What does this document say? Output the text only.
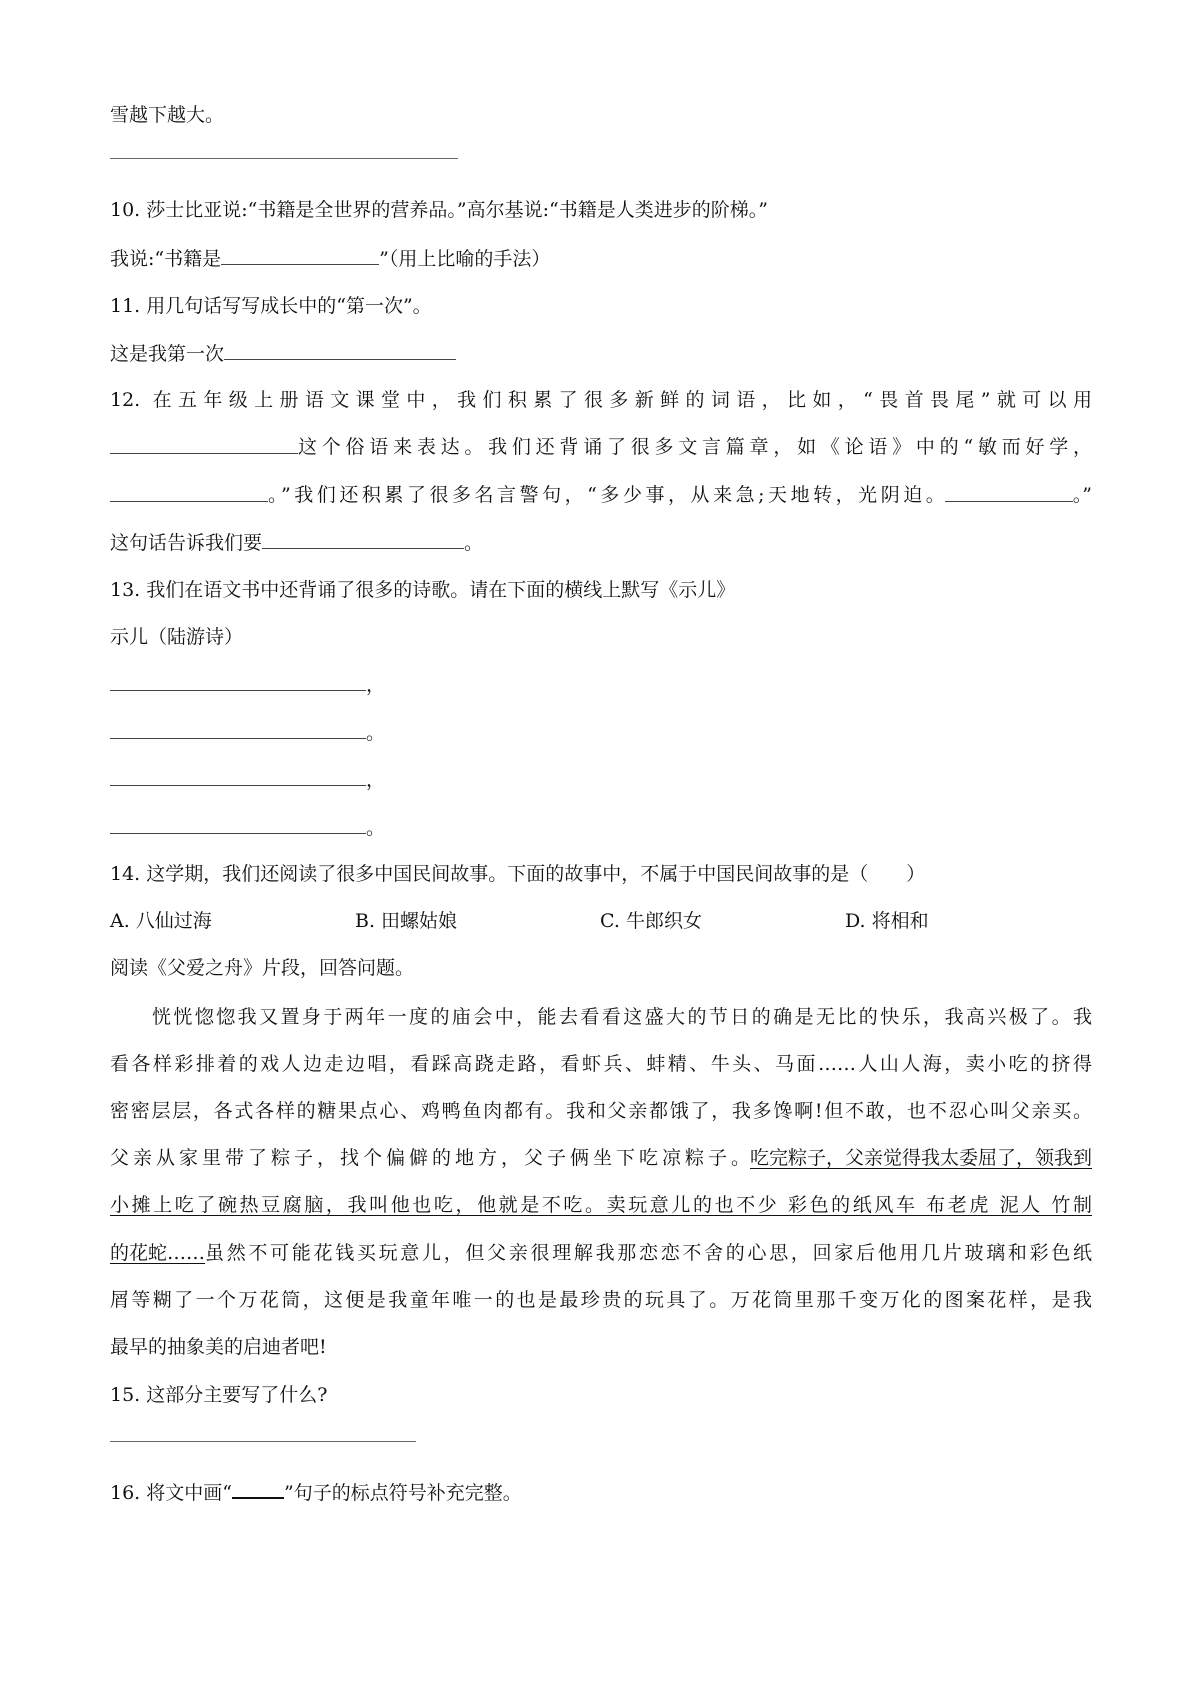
雪越下越大。
10. 莎士比亚说:“书籍是全世界的营养品。”高尔基说:“书籍是人类进步的阶梯。”
我说:“书籍是	”（用上比喻的手法）
11. 用几句话写写成长中的“第一次”。
这是我第一次
12. 在五年级上册语文课堂中，我们积累了很多新鲜的词语，比如，“畏首畏尾”就可以用
这个俗语来表达。我们还背诵了很多文言篇章，如《论语》中的“敏而好学，
。”我们还积累了很多名言警句，“多少事，从来急;天地转，光阴迫。	。”
这句话告诉我们要	。
13. 我们在语文书中还背诵了很多的诗歌。请在下面的横线上默写《示儿》
示儿（陆游诗）
，
。
，
。
14. 这学期，我们还阅读了很多中国民间故事。下面的故事中，不属于中国民间故事的是（　　）
A. 八仙过海	B. 田螺姑娘	C. 牛郎织女	D. 将相和
阅读《父爱之舟》片段，回答问题。
恍恍惚惚我又置身于两年一度的庙会中，能去看看这盛大的节日的确是无比的快乐，我高兴极了。我
看各样彩排着的戏人边走边唱，看踩高跷走路，看虾兵、蚌精、牛头、马面……人山人海，卖小吃的挤得
密密层层，各式各样的糖果点心、鸡鸭鱼肉都有。我和父亲都饿了，我多馋啊!但不敢，也不忍心叫父亲买。
父亲从家里带了粽子，找个偏僻的地方，父子俩坐下吃凉粽子。 吃完粽子，父亲觉得我太委屈了，领我到
小摊上吃了碗热豆腐脑，我叫他也吃，他就是不吃。卖玩意儿的也不少 彩色的纸风车 布老虎 泥人 竹制
的花蛇…… 虽然不可能花钱买玩意儿，但父亲很理解我那恋恋不舍的心思，回家后他用几片玻璃和彩色纸
屑等糊了一个万花筒，这便是我童年唯一的也是最珍贵的玩具了。万花筒里那千变万化的图案花样，是我
最早的抽象美的启迪者吧!
15. 这部分主要写了什么?
16. 将文中画“	”句子的标点符号补充完整。
